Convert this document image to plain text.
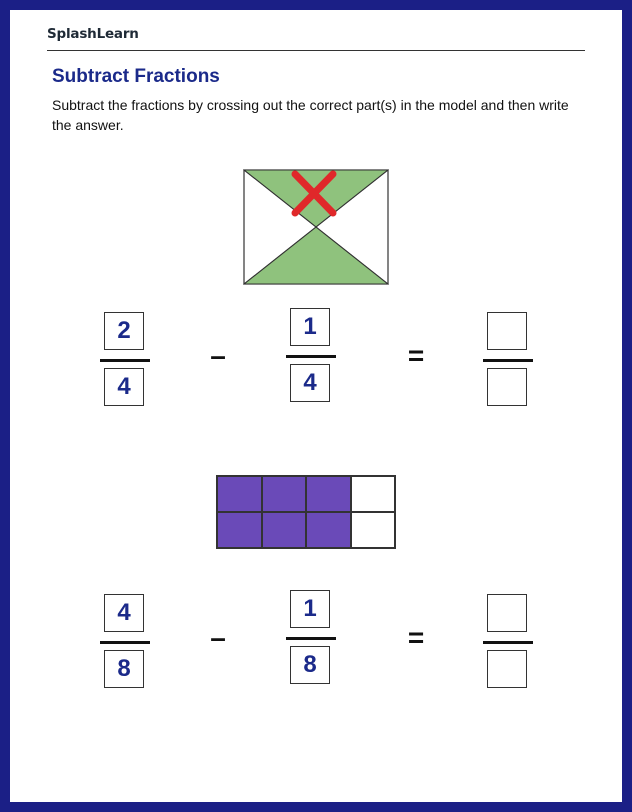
SplashLearn
Subtract Fractions
Subtract the fractions by crossing out the correct part(s) in the model and then write the answer.
$\frac{2}{4}$ –	$\frac{1}{4}$ =
$\frac{4}{8}$ –	$\frac{1}{8}$ =
